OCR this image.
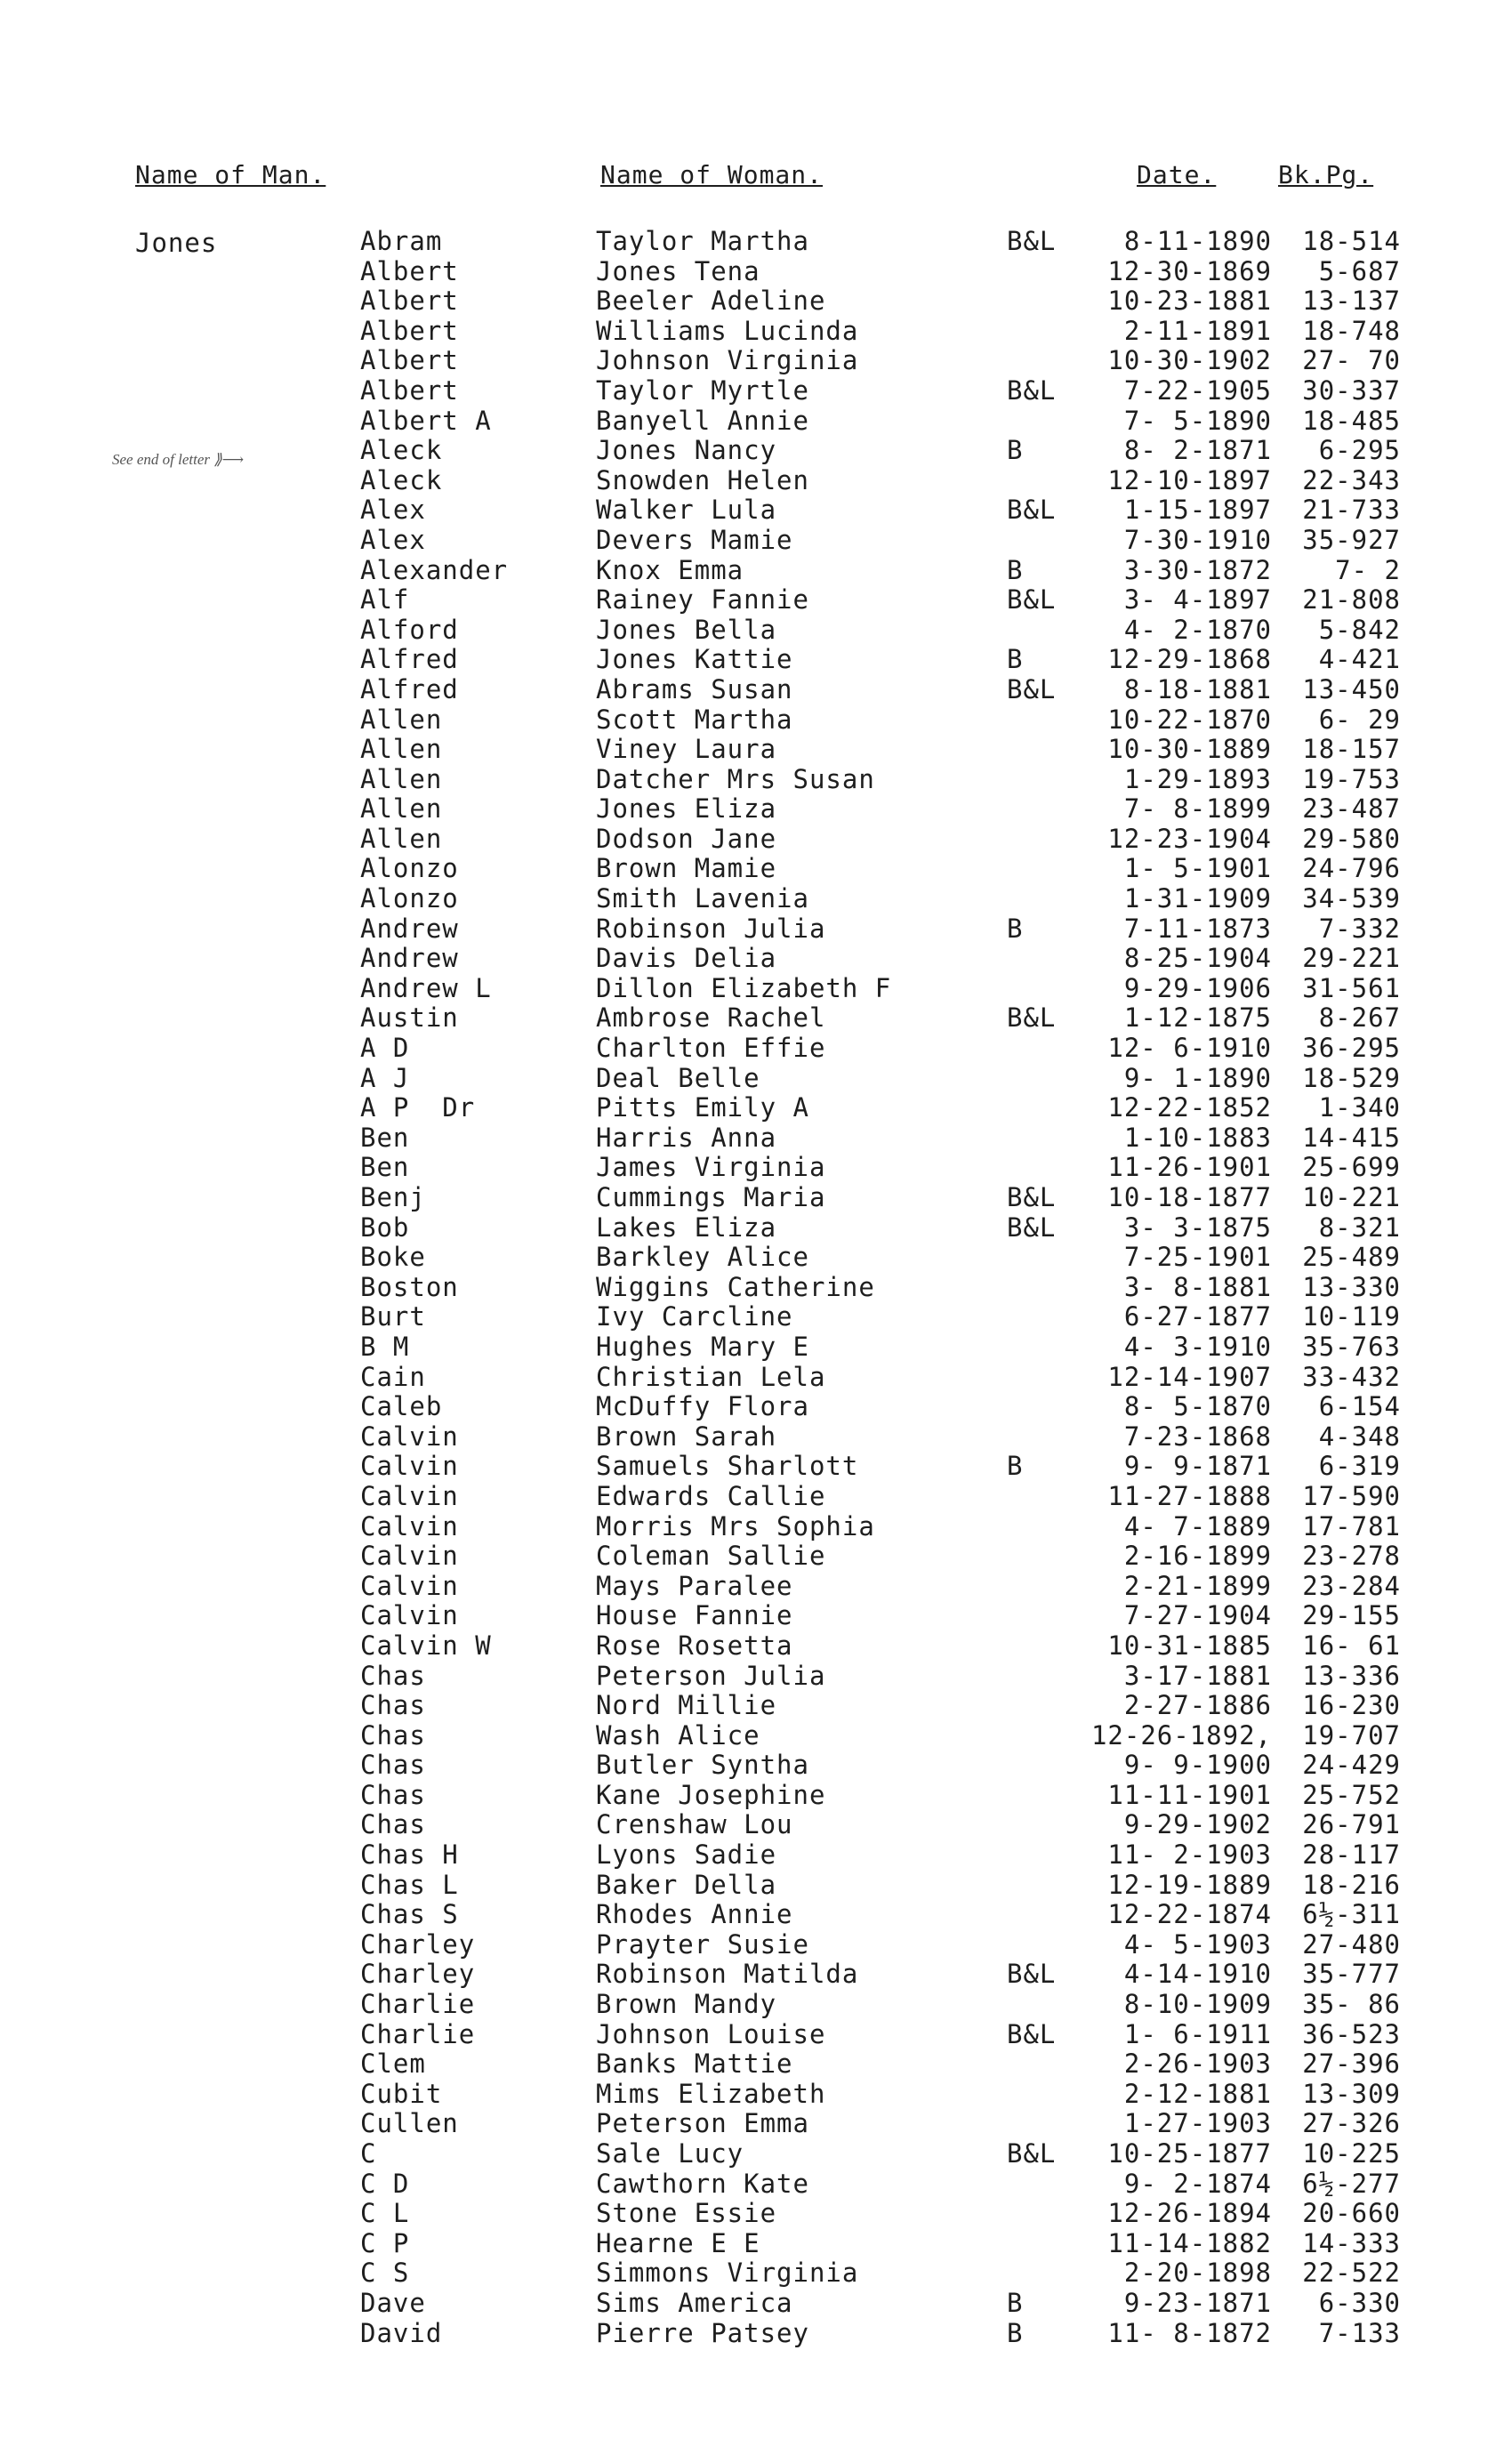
Name of Man.	Name of Woman.	Date. Bk.Pg.
Jones
See end of letter ⟫⟶
Abram	Taylor Martha	B&L	8-11-1890	18-514
Albert	Jones Tena	12-30-1869	5-687
Albert	Beeler Adeline	10-23-1881	13-137
Albert	Williams Lucinda	2-11-1891	18-748
Albert	Johnson Virginia	10-30-1902	27- 70
Albert	Taylor Myrtle	B&L	7-22-1905	30-337
Albert A	Banyell Annie	7- 5-1890	18-485
Aleck	Jones Nancy	B	8- 2-1871	6-295
Aleck	Snowden Helen	12-10-1897	22-343
Alex	Walker Lula	B&L	1-15-1897	21-733
Alex	Devers Mamie	7-30-1910	35-927
Alexander	Knox Emma	B	3-30-1872	7- 2
Alf	Rainey Fannie	B&L	3- 4-1897	21-808
Alford	Jones Bella	4- 2-1870	5-842
Alfred	Jones Kattie	B	12-29-1868	4-421
Alfred	Abrams Susan	B&L	8-18-1881	13-450
Allen	Scott Martha	10-22-1870	6- 29
Allen	Viney Laura	10-30-1889	18-157
Allen	Datcher Mrs Susan	1-29-1893	19-753
Allen	Jones Eliza	7- 8-1899	23-487
Allen	Dodson Jane	12-23-1904	29-580
Alonzo	Brown Mamie	1- 5-1901	24-796
Alonzo	Smith Lavenia	1-31-1909	34-539
Andrew	Robinson Julia	B	7-11-1873	7-332
Andrew	Davis Delia	8-25-1904	29-221
Andrew L	Dillon Elizabeth F	9-29-1906	31-561
Austin	Ambrose Rachel	B&L	1-12-1875	8-267
A D	Charlton Effie	12- 6-1910	36-295
A J	Deal Belle	9- 1-1890	18-529
A P  Dr	Pitts Emily A	12-22-1852	1-340
Ben	Harris Anna	1-10-1883	14-415
Ben	James Virginia	11-26-1901	25-699
Benj	Cummings Maria	B&L	10-18-1877	10-221
Bob	Lakes Eliza	B&L	3- 3-1875	8-321
Boke	Barkley Alice	7-25-1901	25-489
Boston	Wiggins Catherine	3- 8-1881	13-330
Burt	Ivy Carcline	6-27-1877	10-119
B M	Hughes Mary E	4- 3-1910	35-763
Cain	Christian Lela	12-14-1907	33-432
Caleb	McDuffy Flora	8- 5-1870	6-154
Calvin	Brown Sarah	7-23-1868	4-348
Calvin	Samuels Sharlott	B	9- 9-1871	6-319
Calvin	Edwards Callie	11-27-1888	17-590
Calvin	Morris Mrs Sophia	4- 7-1889	17-781
Calvin	Coleman Sallie	2-16-1899	23-278
Calvin	Mays Paralee	2-21-1899	23-284
Calvin	House Fannie	7-27-1904	29-155
Calvin W	Rose Rosetta	10-31-1885	16- 61
Chas	Peterson Julia	3-17-1881	13-336
Chas	Nord Millie	2-27-1886	16-230
Chas	Wash Alice	12-26-1892,	19-707
Chas	Butler Syntha	9- 9-1900	24-429
Chas	Kane Josephine	11-11-1901	25-752
Chas	Crenshaw Lou	9-29-1902	26-791
Chas H	Lyons Sadie	11- 2-1903	28-117
Chas L	Baker Della	12-19-1889	18-216
Chas S	Rhodes Annie	12-22-1874	6½-311
Charley	Prayter Susie	4- 5-1903	27-480
Charley	Robinson Matilda	B&L	4-14-1910	35-777
Charlie	Brown Mandy	8-10-1909	35- 86
Charlie	Johnson Louise	B&L	1- 6-1911	36-523
Clem	Banks Mattie	2-26-1903	27-396
Cubit	Mims Elizabeth	2-12-1881	13-309
Cullen	Peterson Emma	1-27-1903	27-326
C	Sale Lucy	B&L	10-25-1877	10-225
C D	Cawthorn Kate	9- 2-1874	6½-277
C L	Stone Essie	12-26-1894	20-660
C P	Hearne E E	11-14-1882	14-333
C S	Simmons Virginia	2-20-1898	22-522
Dave	Sims America	B	9-23-1871	6-330
David	Pierre Patsey	B	11- 8-1872	7-133
